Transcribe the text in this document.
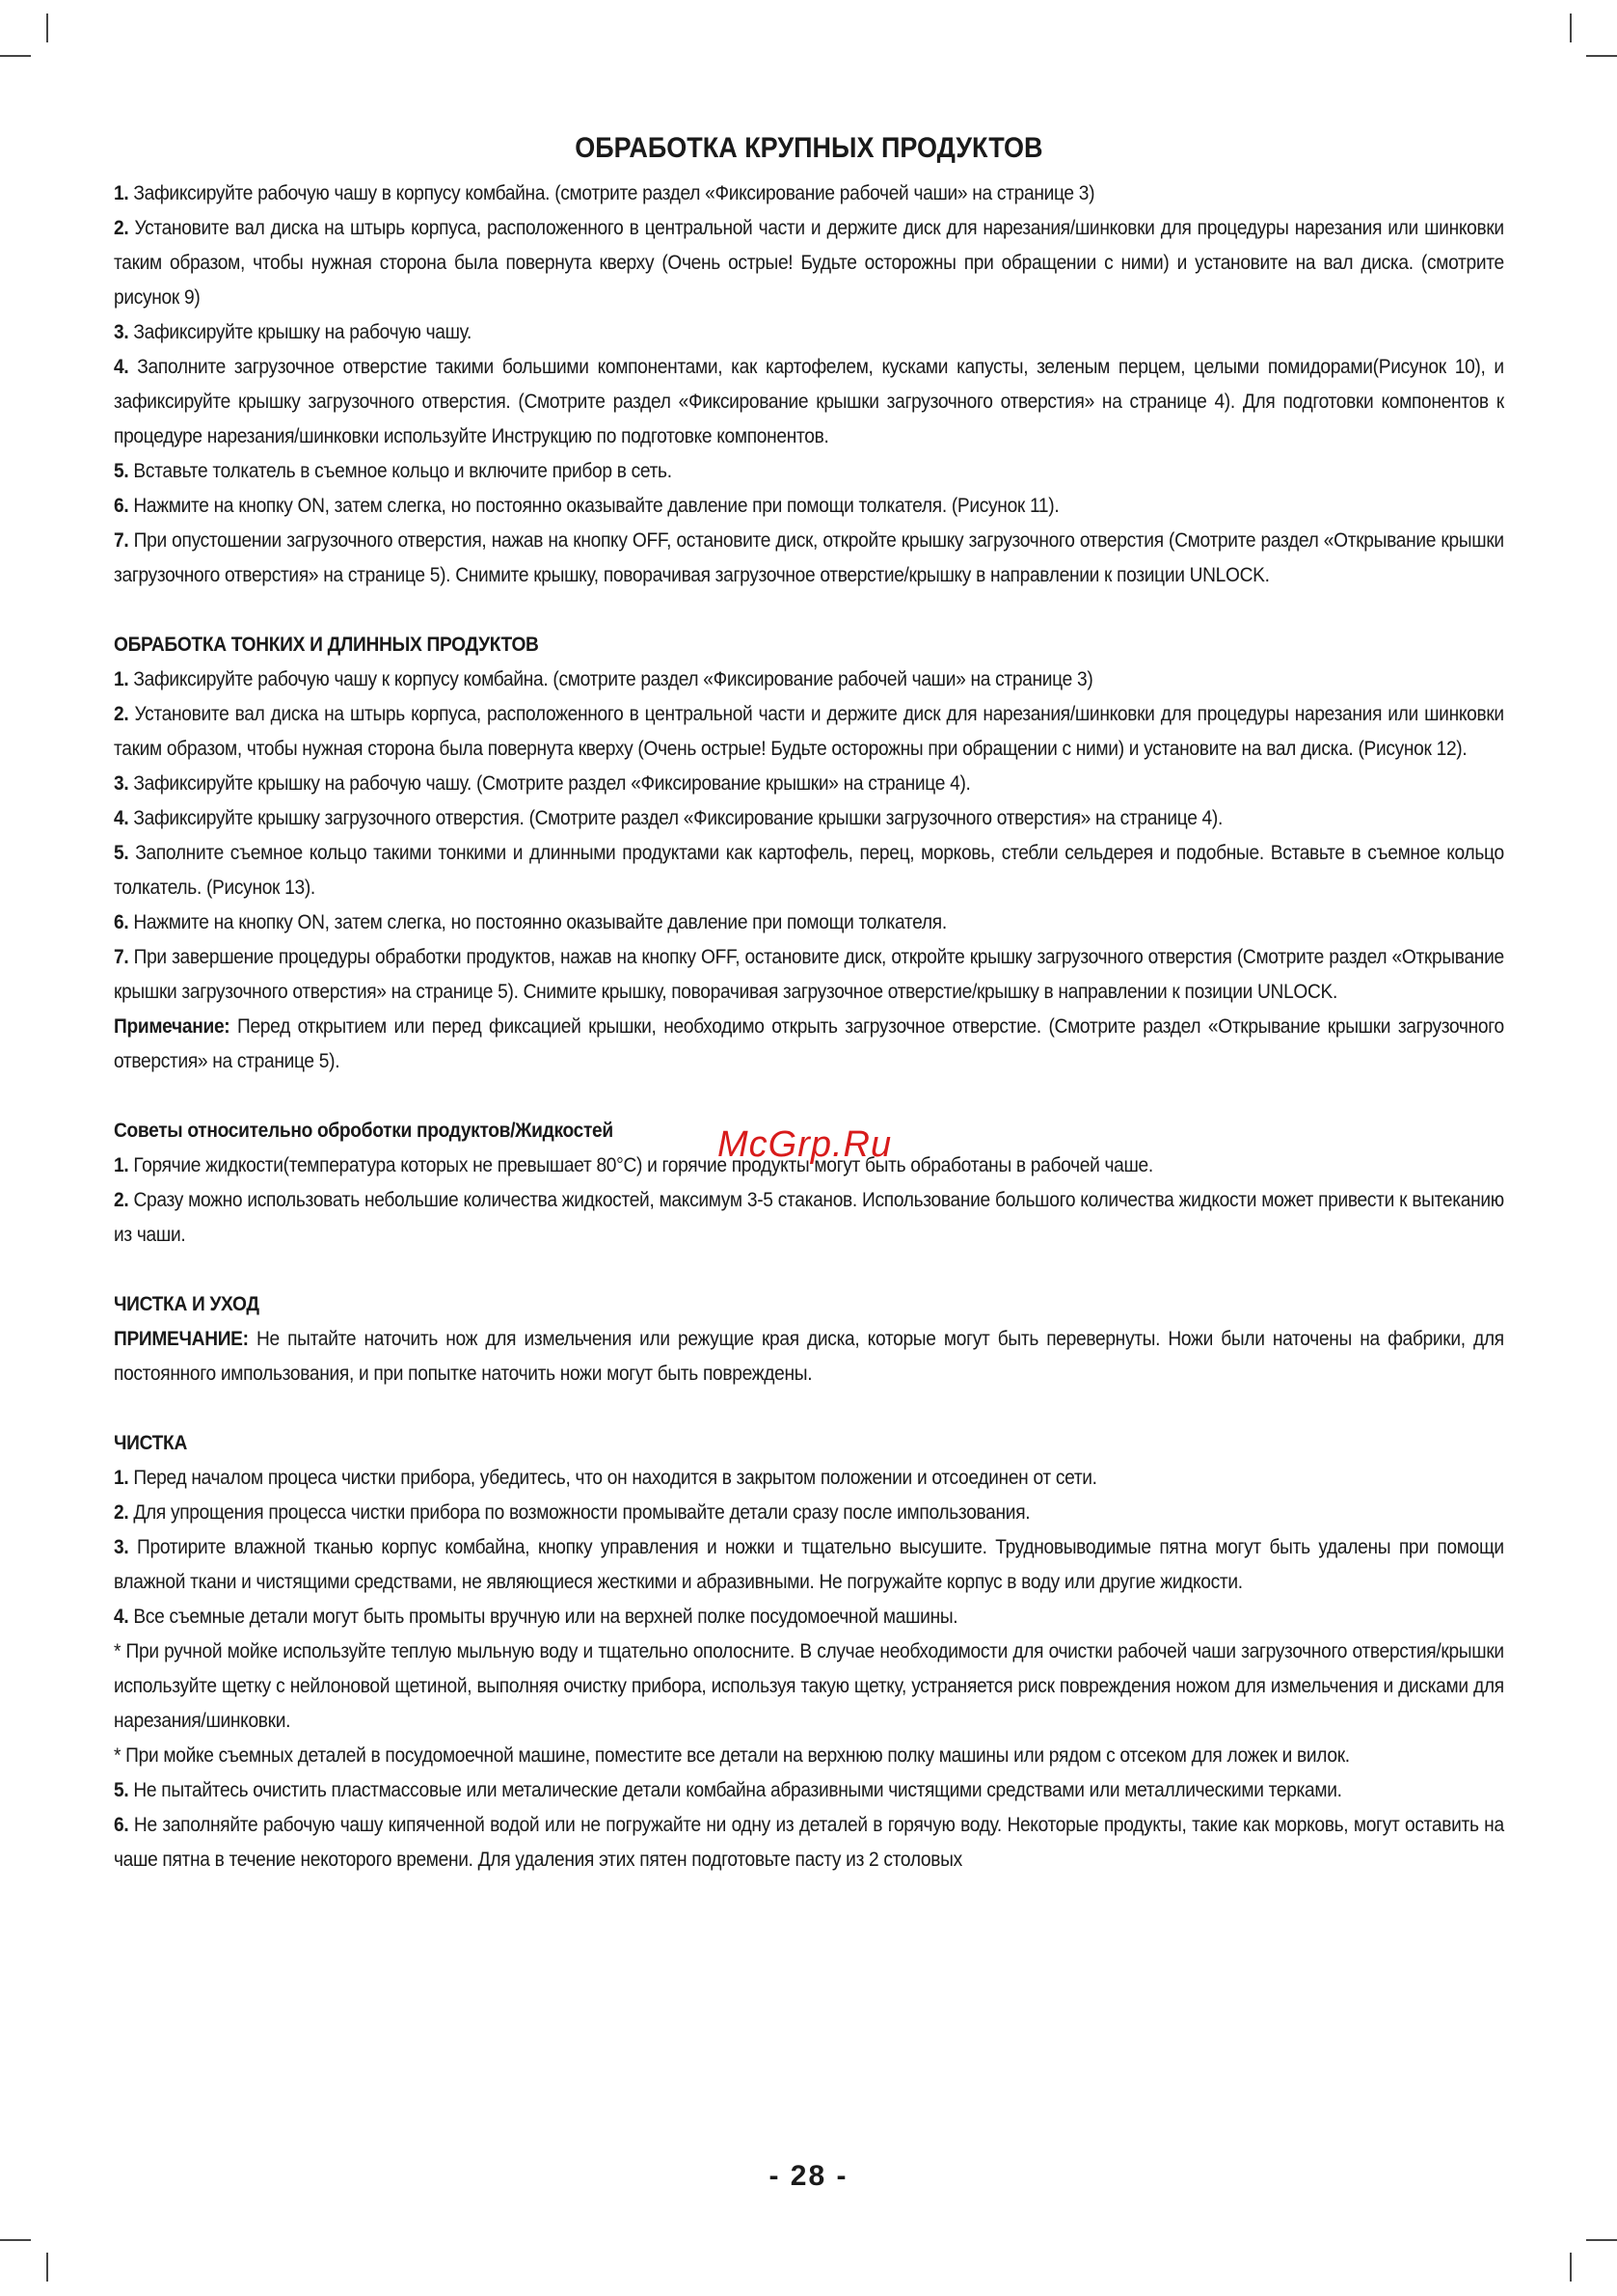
ОБРАБОТКА КРУПНЫХ ПРОДУКТОВ
1. Зафиксируйте рабочую чашу в корпусу комбайна. (смотрите раздел «Фиксирование рабочей чаши» на странице 3)
2. Установите вал диска на штырь корпуса, расположенного в центральной части и держите диск для нарезания/шинковки для процедуры нарезания или шинковки таким образом, чтобы нужная сторона была повернута кверху (Очень острые! Будьте осторожны при обращении с ними) и установите на вал диска. (смотрите рисунок 9)
3. Зафиксируйте крышку на рабочую чашу.
4. Заполните загрузочное отверстие такими большими компонентами, как картофелем, кусками капусты, зеленым перцем, целыми помидорами(Рисунок 10), и зафиксируйте крышку загрузочного отверстия. (Смотрите раздел «Фиксирование крышки загрузочного отверстия» на странице 4). Для подготовки компонентов к процедуре нарезания/шинковки используйте Инструкцию по подготовке компонентов.
5. Вставьте толкатель в съемное кольцо и включите прибор в сеть.
6. Нажмите на кнопку ON, затем слегка, но постоянно оказывайте давление при помощи толкателя. (Рисунок 11).
7. При опустошении загрузочного отверстия, нажав на кнопку OFF, остановите диск, откройте крышку загрузочного отверстия (Смотрите раздел «Открывание крышки загрузочного отверстия» на странице 5). Снимите крышку, поворачивая загрузочное отверстие/крышку в направлении к позиции UNLOCK.
ОБРАБОТКА ТОНКИХ И ДЛИННЫХ ПРОДУКТОВ
1. Зафиксируйте рабочую чашу к корпусу комбайна. (смотрите раздел «Фиксирование рабочей чаши» на странице 3)
2. Установите вал диска на штырь корпуса, расположенного в центральной части и держите диск для нарезания/шинковки для процедуры нарезания или шинковки таким образом, чтобы нужная сторона была повернута кверху (Очень острые! Будьте осторожны при обращении с ними) и установите на вал диска. (Рисунок 12).
3. Зафиксируйте крышку на рабочую чашу. (Смотрите раздел «Фиксирование крышки» на странице 4).
4. Зафиксируйте крышку загрузочного отверстия. (Смотрите раздел «Фиксирование крышки загрузочного отверстия» на странице 4).
5. Заполните съемное кольцо такими тонкими и длинными продуктами как картофель, перец, морковь, стебли сельдерея и подобные. Вставьте в съемное кольцо толкатель. (Рисунок 13).
6. Нажмите на кнопку ON, затем слегка, но постоянно оказывайте давление при помощи толкателя.
7. При завершение процедуры обработки продуктов, нажав на кнопку OFF, остановите диск, откройте крышку загрузочного отверстия (Смотрите раздел «Открывание крышки загрузочного отверстия» на странице 5). Снимите крышку, поворачивая загрузочное отверстие/крышку в направлении к позиции UNLOCK.
Примечание: Перед открытием или перед фиксацией крышки, необходимо открыть загрузочное отверстие. (Смотрите раздел «Открывание крышки загрузочного отверстия» на странице 5).
Советы относительно оброботки продуктов/Жидкостей
1. Горячие жидкости(температура которых не превышает 80°С) и горячие продукты могут быть обработаны в рабочей чаше.
2. Сразу можно использовать небольшие количества жидкостей, максимум 3-5 стаканов. Использование большого количества жидкости может привести к вытеканию из чаши.
ЧИСТКА И УХОД
ПРИМЕЧАНИЕ: Не пытайте наточить нож для измельчения или режущие края диска, которые могут быть перевернуты. Ножи были наточены на фабрики, для постоянного импользования, и при попытке наточить ножи могут быть повреждены.
ЧИСТКА
1. Перед началом процеса чистки прибора, убедитесь, что он находится в закрытом положении и отсоединен от сети.
2. Для упрощения процесса чистки прибора по возможности промывайте детали сразу после импользования.
3. Протирите влажной тканью корпус комбайна, кнопку управления и ножки и тщательно высушите. Трудновыводимые пятна могут быть удалены при помощи влажной ткани и чистящими средствами, не являющиеся жесткими и абразивными. Не погружайте корпус в воду или другие жидкости.
4. Все съемные детали могут быть промыты вручную или на верхней полке посудомоечной машины.
* При ручной мойке используйте теплую мыльную воду и тщательно ополосните. В случае необходимости для очистки рабочей чаши загрузочного отверстия/крышки используйте щетку с нейлоновой щетиной, выполняя очистку прибора, используя такую щетку, устраняется риск повреждения ножом для измельчения и дисками для нарезания/шинковки.
* При мойке съемных деталей в посудомоечной машине, поместите все детали на верхнюю полку машины или рядом с отсеком для ложек и вилок.
5. Не пытайтесь очистить пластмассовые или металические детали комбайна абразивными чистящими средствами или металлическими терками.
6. Не заполняйте рабочую чашу кипяченной водой или не погружайте ни одну из деталей в горячую воду. Некоторые продукты, такие как морковь, могут оставить на чаше пятна в течение некоторого времени. Для удаления этих пятен подготовьте пасту из 2 столовых
McGrp.Ru
- 28 -
